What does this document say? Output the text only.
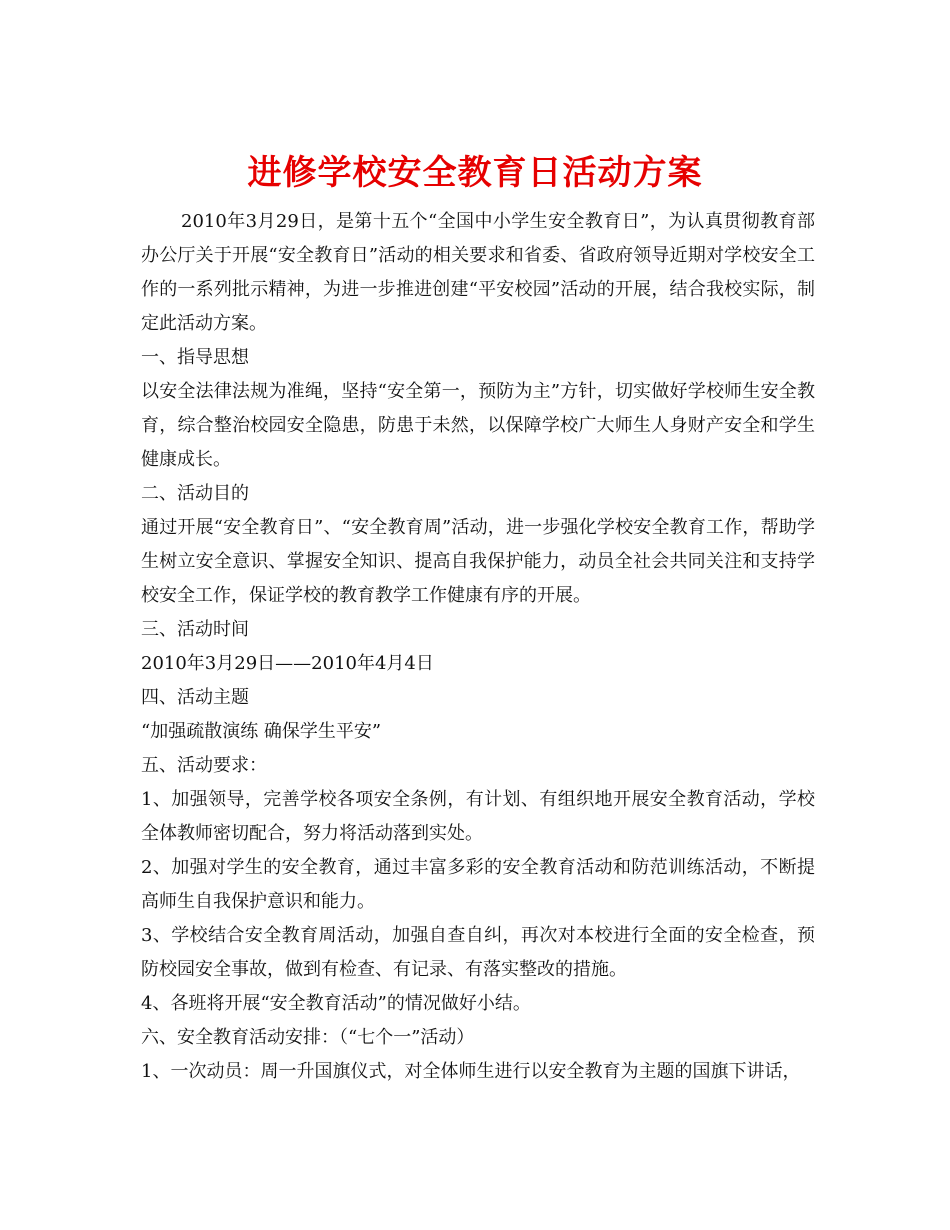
进修学校安全教育日活动方案

2010年3月29日，是第十五个“全国中小学生安全教育日”，为认真贯彻教育部办公厅关于开展“安全教育日”活动的相关要求和省委、省政府领导近期对学校安全工作的一系列批示精神，为进一步推进创建“平安校园”活动的开展，结合我校实际，制定此活动方案。

一、指导思想

以安全法律法规为准绳，坚持“安全第一，预防为主”方针，切实做好学校师生安全教育，综合整治校园安全隐患，防患于未然，以保障学校广大师生人身财产安全和学生健康成长。

二、活动目的

通过开展“安全教育日”、“安全教育周”活动，进一步强化学校安全教育工作，帮助学生树立安全意识、掌握安全知识、提高自我保护能力，动员全社会共同关注和支持学校安全工作，保证学校的教育教学工作健康有序的开展。

三、活动时间

2010年3月29日——2010年4月4日

四、活动主题

“加强疏散演练 确保学生平安”

五、活动要求：

1、加强领导，完善学校各项安全条例，有计划、有组织地开展安全教育活动，学校全体教师密切配合，努力将活动落到实处。

2、加强对学生的安全教育，通过丰富多彩的安全教育活动和防范训练活动，不断提高师生自我保护意识和能力。

3、学校结合安全教育周活动，加强自查自纠，再次对本校进行全面的安全检查，预防校园安全事故，做到有检查、有记录、有落实整改的措施。

4、各班将开展“安全教育活动”的情况做好小结。

六、安全教育活动安排：（“七个一”活动）

1、一次动员：周一升国旗仪式，对全体师生进行以安全教育为主题的国旗下讲话，
